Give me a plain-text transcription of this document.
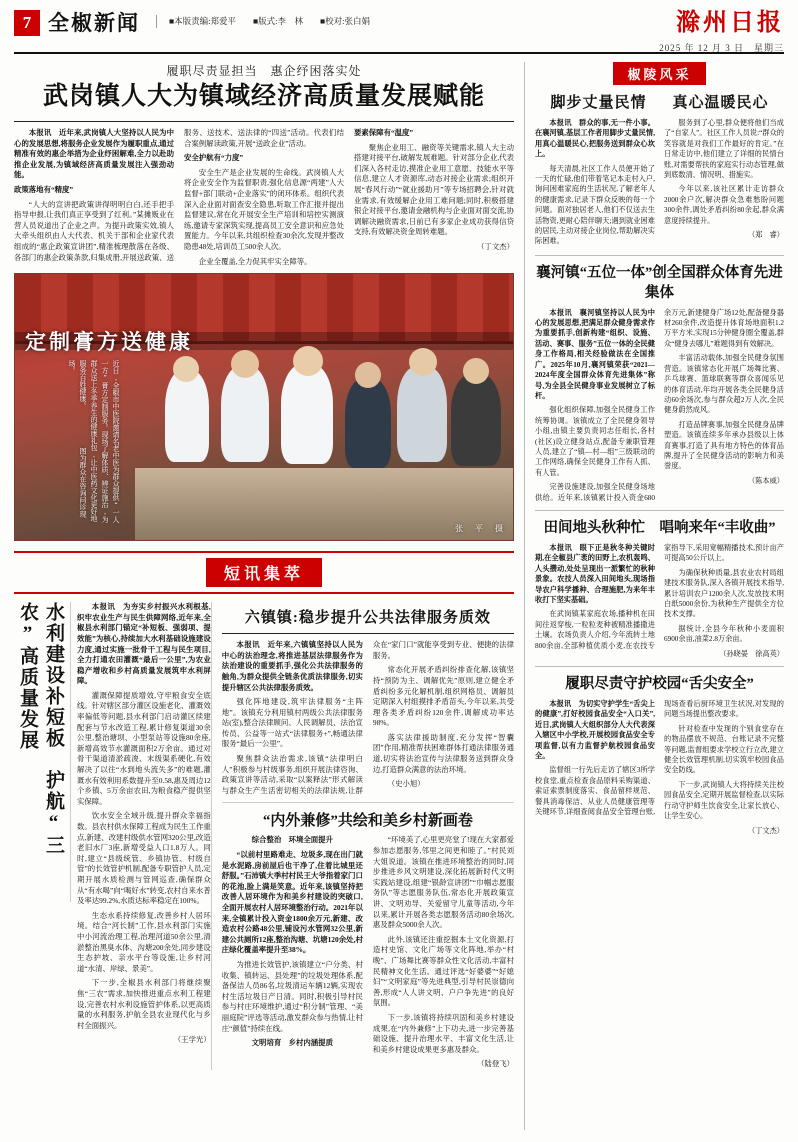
7 全椒新闻	■本版责编:郑爱平　　■版式:李　林　　■校对:张白娟	滁州日报
2025 年 12 月 3 日　星期三
履职尽责显担当　惠企纾困落实处
武岗镇人大为镇域经济高质量发展赋能

本报讯　近年来,武岗镇人大坚持以人民为中心的发展思想,将服务企业发展作为履职重点,通过精准有效的惠企举措为企业纾困解难,全力以赴助推企业发展,为镇域经济高质量发展注入强劲动能。

政策落地有“精度”

“人大的宣讲把政策讲得明明白白,还手把手指导申报,让我们真正享受到了红利。”某摊贩业在营人员说道出了企业之声。为提升政策实效,镇人大牵头组织由人大代表、机关干部和企业家代表组成的“惠企政策宣讲团”,精准梳理散落在各级、各部门的惠企政策条款,归集成册,开展送政策、送服务、送技术、送法律的“四送”活动。代表们结合案例解读政策,开展“送政企业”活动。

安全护航有“力度”

安全生产是企业发展的生命线。武岗镇人大将企业安全作为监督职责,强化信息源“两建”人大监督+部门联动+企业落实”的闭环体系。组织代表深入企业面对面查安全隐患,听取工作汇报并提出监督建议,常在化开展安全生产培训和培控实测演练,邀请专家深筑实现,提高员工安全意识和应急处置能力。今年以来,共组织检查30余次,发现并整改隐患48处,培训员工500余人次。

企业全覆盖,全力促其牢实全障等。

要素保障有“温度”

聚焦企业用工、融资等关键需求,镇人大主动搭建对接平台,破解发展难题。针对部分企业,代表们深入各村走访,摸准企业用工意愿、技能水平等信息,建立人才资源库,动态对接企业需求;组织开展“春风行动”“就业援助月”等专场招聘会,针对就业需求,有效缓解企业用工难问题;同时,积极搭建银企对接平台,邀请金融机构与企业面对面交流,协调解决融资需求,日前已有多家企业成功获得信贷支持,有效解决资金周转难题。

（丁文杰）

定制膏方送健康
近日,全椒市中医院邀请名老中医为群众提供“一人一方”膏方定制服务。现场了解体质、辨证施治,为群众送上冬季养生的健康礼包,让中医药文化更好地服务百姓健康。　　　　　　图为群众在咨询问诊现场。
张　平　摄
短讯集萃
水利建设补短板　护航“三农”高质量发展	本报讯　为夯实乡村振兴水利根基,织牢农业生产与民生供障网络,近年来,全椒县水利部门锚定“补短板、强弱项、提效能”为核心,持续加大水利基础设施建设力度,通过实施一批骨干工程与民生项目,全力打通农田灌溉“最后一公里”,为农业稳产增收和乡村高质量发展筑牢水利屏障。

灌溉保障提质增效,守牢粮食安全底线。针对辖区部分灌区设施老化、灌溉效率偏低等问题,县水利部门启动灌区续建配套与节水改造工程,累计修复渠道30余公里,整治塘坝、小型泵站等设施80余座,新增高效节水灌溉面积2万余亩。通过对骨干渠道清淤疏浚、末级渠系硬化,有效解决了以往“水到地头流失多”的难题,灌溉水有效利用系数提升至0.58,惠及周边12个乡镇、5万余亩农田,为粮食稳产提供坚实保障。

饮水安全全域升级,提升群众幸福指数。县农村供水保障工程成为民生工作重点,新建、改建村级供水管网320公里,改造老旧水厂3座,新增受益人口1.8万人。同时,建立“县级统管、乡镇协管、村级自管”的长效管护机制,配备专职管护人员,定期开展水质检测与管网巡查,确保群众从“有水喝”向“喝好水”转变,农村自来水普及率达99.2%,水质达标率稳定在100%。

生态水系持续修复,改善乡村人居环境。结合“河长制”工作,县水利部门实施中小河流治理工程,治理河道50余公里,清淤整治黑臭水体、沟塘200余处,同步建设生态护坡、亲水平台等设施,让乡村河道“水清、岸绿、景美”。

下一步,全椒县水利部门将继续聚焦“三农”需求,加快推进重点水利工程建设,完善农村水利设施管护体系,以更高质量的水利服务,护航全县农业现代化与乡村全面振兴。

（王学光）

六镇镇:稳步提升公共法律服务质效

本报讯　近年来,六镇镇坚持以人民为中心的法治理念,将推进基层法律服务作为法治建设的重要抓手,强化公共法律服务的触角,为群众提供全链条优质法律服务,切实提升辖区公共法律服务质效。

强化阵地建设,筑牢法律服务“主阵地”。该镇充分利用镇村两级公共法律服务站(室),整合法律顾问、人民调解员、法治宣传员、公益等一站式“法律服务+”,畅通法律服务“最后一公里”。

聚焦群众法治需求,该镇“法律明白人”积极参与村级事务,组织开展法律咨询、政策宣讲等活动,采取“以案释法”形式解读与群众生产生活密切相关的法律法规,让群众在“家门口”就能享受到专业、便捷的法律服务。

常态化开展矛盾纠纷排查化解,该镇坚持“预防为主、调解优先”原则,建立健全矛盾纠纷多元化解机制,组织网格员、调解员定期深入村组摸排矛盾苗头,今年以来,共受理各类矛盾纠纷120余件,调解成功率达98%。

落实法律援助制度,充分发挥“智囊团”作用,精准帮扶困难群体打通法律服务通道,切实将法治宣传与法律服务送到群众身边,打造群众满意的法治环境。

（史小旭）

“内外兼修”共绘和美乡村新画卷

综合整治　环境全面提升

“以前村里路难走、垃圾多,现在出门就是水泥路,房前屋后也干净了,住着比城里还舒服。”石沛镇大季村村民王大爷指着家门口的花池,脸上满是笑意。近年来,该镇坚持把改善人居环境作为和美乡村建设的突破口,全面开展农村人居环境整治行动。2021年以来,全镇累计投入资金1800余万元,新建、改造农村公路48公里,铺设污水管网32公里,新建公共厕所12座,整治沟塘、坑塘120余处,村庄绿化覆盖率提升至38%。

为推进长效管护,该镇建立“户分类、村收集、镇转运、县处理”的垃圾处理体系,配备保洁人员86名,垃圾清运车辆12辆,实现农村生活垃圾日产日清。同时,积极引导村民参与村庄环境维护,通过“积分制”管理、“美丽庭院”评选等活动,激发群众参与热情,让村庄“颜值”持续在线。

文明培育　乡村内涵提质

“环境美了,心里更亮堂了!现在大家都爱参加志愿服务,邻里之间更和睦了。”村民刘大姐说道。该镇在推进环境整治的同时,同步推进乡风文明建设,深化拓展新时代文明实践站建设,组建“银龄宣讲团”“巾帼志愿服务队”等志愿服务队伍,常态化开展政策宣讲、文明劝导、关爱留守儿童等活动,今年以来,累计开展各类志愿服务活动80余场次,惠及群众5000余人次。

此外,该镇还注重挖掘本土文化资源,打造村史馆、文化广场等文化阵地,举办“村晚”、广场舞比赛等群众性文化活动,丰富村民精神文化生活。通过评选“好婆婆”“好媳妇”“文明家庭”等先进典型,引导村民崇德向善,形成“人人讲文明、户户争先进”的良好氛围。

下一步,该镇将持续巩固和美乡村建设成果,在“内外兼修”上下功夫,进一步完善基础设施、提升治理水平、丰富文化生活,让和美乡村建设成果更多惠及群众。

（陆登飞）

椒陵风采
脚步丈量民情 真心温暖民心

本报讯　群众的事,无一件小事。在襄河镇,基层工作者用脚步丈量民情,用真心温暖民心,把服务送到群众心坎上。

每天清晨,社区工作人员便开始了一天的忙碌,他们带着笔记本走村入户,询问困难家庭的生活状况,了解老年人的健康需求,记录下群众反映的每一个问题。面对独居老人,他们不仅送去生活物资,更耐心陪伴聊天;遇到就业困难的居民,主动对接企业岗位,帮助解决实际困难。

服务到了心里,群众便将他们当成了“自家人”。社区工作人员说:“群众的笑容就是对我们工作最好的肯定。”在日常走访中,他们建立了详细的民情台账,对需要帮扶的家庭实行动态管理,做到底数清、情况明、措施实。

今年以来,该社区累计走访群众2000余户次,解决群众急难愁盼问题300余件,调处矛盾纠纷80余起,群众满意度持续提升。

（郑　睿）

襄河镇“五位一体”创全国群众体育先进集体

本报讯　襄河镇坚持以人民为中心的发展思想,把满足群众健身需求作为重要抓手,创新构建“组织、设施、活动、赛事、服务”五位一体的全民健身工作格局,相关经验做法在全国推广。2025年10月,襄河镇荣获“2021—2024年度全国群众体育先进集体”称号,为全县全民健身事业发展树立了标杆。

强化组织保障,加强全民健身工作统筹协调。该镇成立了全民健身领导小组,由镇主要负责同志任组长,各村(社区)设立健身站点,配备专兼职管理人员,建立了“镇—村—组”三级联动的工作网络,确保全民健身工作有人抓、有人管。

完善设施建设,加强全民健身场地供给。近年来,该镇累计投入资金680余万元,新建健身广场12处,配备健身器材260余件,改造提升体育场地面积1.2万平方米,实现15分钟健身圈全覆盖,群众“健身去哪儿”难题得到有效解决。

丰富活动载体,加强全民健身氛围营造。该镇常态化开展广场舞比赛、乒乓球赛、篮球联赛等群众喜闻乐见的体育活动,年均开展各类全民健身活动60余场次,参与群众超2万人次,全民健身蔚然成风。

打造品牌赛事,加强全民健身品牌塑造。该镇连续多年承办县级以上体育赛事,打造了具有地方特色的体育品牌,提升了全民健身活动的影响力和美誉度。

（陈本威）

田间地头秋种忙　唱响来年“丰收曲”

本报讯　眼下正是秋冬种关键时期,在全椒县广袤的田野上,农机轰鸣、人头攒动,处处呈现出一派繁忙的秋种景象。农技人员深入田间地头,现场指导农户科学播种、合理施肥,为来年丰收打下坚实基础。

在武岗镇某家庭农场,播种机在田间往返穿梭,一粒粒麦种被精准播撒进土壤。农场负责人介绍,今年流转土地800余亩,全部种植优质小麦,在农技专家指导下,采用宽幅精播技术,预计亩产可提高50公斤以上。

为确保秋种质量,县农业农村局组建技术服务队,深入各镇开展技术指导,累计培训农户1200余人次,发放技术明白纸5000余份,为秋种生产提供全方位技术支撑。

据统计,全县今年秋种小麦面积6900余亩,油菜2.8万余亩。

（孙晓晏　徐高英）

履职尽责守护校园“舌尖安全”

本报讯　为切实守护学生“舌尖上的健康”,打好校园食品安全“入口关”,近日,武岗镇人大组织部分人大代表深入辖区中小学校,开展校园食品安全专项监督,以有力监督护航校园食品安全。

监督组一行先后走访了辖区3所学校食堂,重点检查食品原料采购渠道、索证索票制度落实、食品留样规范、餐具消毒保洁、从业人员健康管理等关键环节,详细查阅食品安全管理台账,现场查看后厨环境卫生状况,对发现的问题当场提出整改要求。

针对检查中发现的个别食堂存在的物品摆放不规范、台账记录不完整等问题,监督组要求学校立行立改,建立健全长效管理机制,切实筑牢校园食品安全防线。

下一步,武岗镇人大将持续关注校园食品安全,定期开展监督检查,以实际行动守护师生饮食安全,让家长放心、让学生安心。

（丁文杰）
